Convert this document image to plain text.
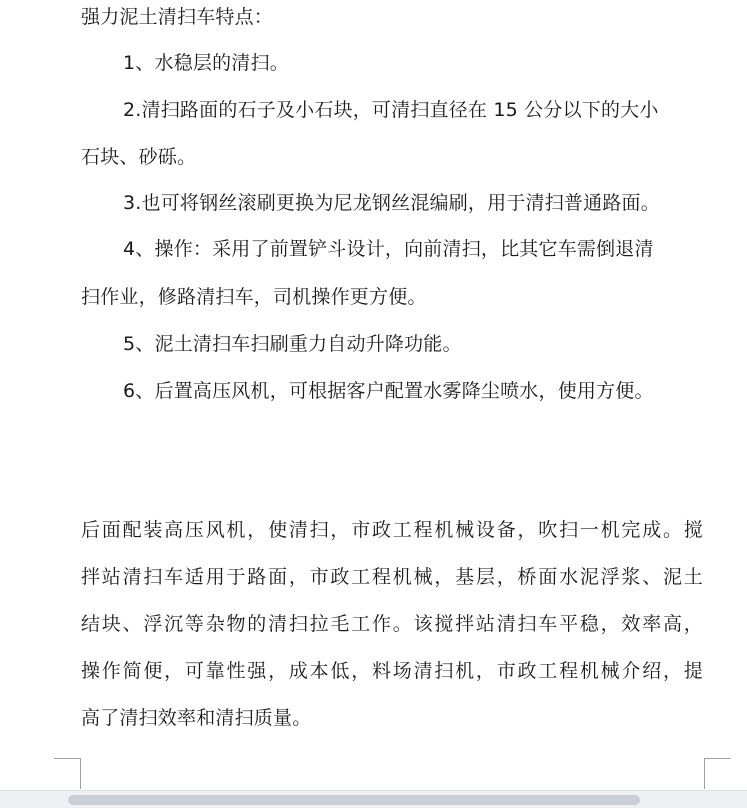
强力泥土清扫车特点：
1、水稳层的清扫。
2.清扫路面的石子及小石块，可清扫直径在 15 公分以下的大小
石块、砂砾。
3.也可将钢丝滚刷更换为尼龙钢丝混编刷，用于清扫普通路面。
4、操作：采用了前置铲斗设计，向前清扫，比其它车需倒退清
扫作业，修路清扫车，司机操作更方便。
5、泥土清扫车扫刷重力自动升降功能。
6、后置高压风机，可根据客户配置水雾降尘喷水，使用方便。
后面配装高压风机，使清扫，市政工程机械设备，吹扫一机完成。搅
拌站清扫车适用于路面，市政工程机械，基层，桥面水泥浮浆、泥土
结块、浮沉等杂物的清扫拉毛工作。该搅拌站清扫车平稳，效率高，
操作简便，可靠性强，成本低，料场清扫机，市政工程机械介绍，提
高了清扫效率和清扫质量。
